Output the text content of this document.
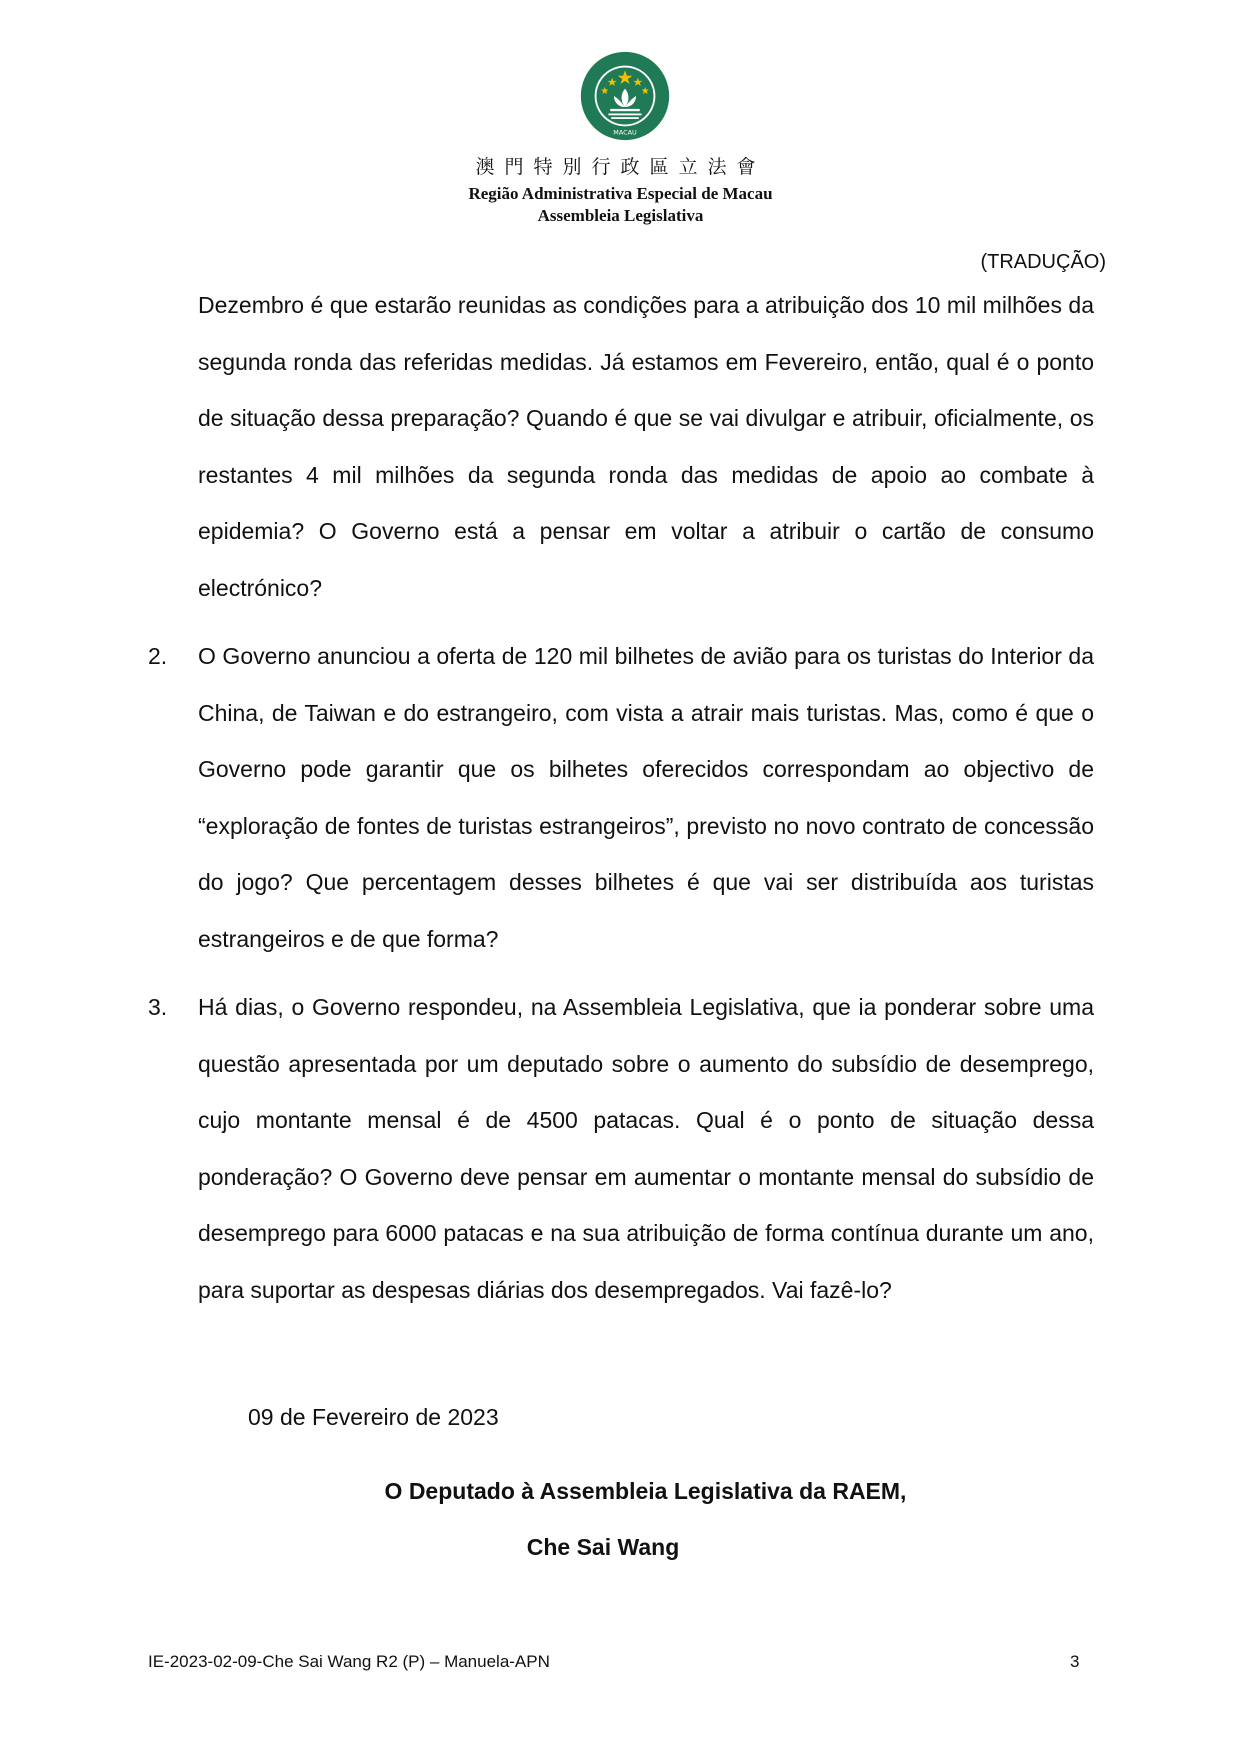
MACAU
澳門特別行政區立法會
Região Administrativa Especial de Macau
Assembleia Legislativa
(TRADUÇÃO)

Dezembro é que estarão reunidas as condições para a atribuição dos 10 mil milhões da segunda ronda das referidas medidas. Já estamos em Fevereiro, então, qual é o ponto de situação dessa preparação? Quando é que se vai divulgar e atribuir, oficialmente, os restantes 4 mil milhões da segunda ronda das medidas de apoio ao combate à epidemia? O Governo está a pensar em voltar a atribuir o cartão de consumo electrónico?

2. O Governo anunciou a oferta de 120 mil bilhetes de avião para os turistas do Interior da China, de Taiwan e do estrangeiro, com vista a atrair mais turistas. Mas, como é que o Governo pode garantir que os bilhetes oferecidos correspondam ao objectivo de “exploração de fontes de turistas estrangeiros”, previsto no novo contrato de concessão do jogo? Que percentagem desses bilhetes é que vai ser distribuída aos turistas estrangeiros e de que forma?

3. Há dias, o Governo respondeu, na Assembleia Legislativa, que ia ponderar sobre uma questão apresentada por um deputado sobre o aumento do subsídio de desemprego, cujo montante mensal é de 4500 patacas. Qual é o ponto de situação dessa ponderação? O Governo deve pensar em aumentar o montante mensal do subsídio de desemprego para 6000 patacas e na sua atribuição de forma contínua durante um ano, para suportar as despesas diárias dos desempregados. Vai fazê-lo?

09 de Fevereiro de 2023
O Deputado à Assembleia Legislativa da RAEM,
Che Sai Wang
IE-2023-02-09-Che Sai Wang R2 (P) – Manuela-APN	3
